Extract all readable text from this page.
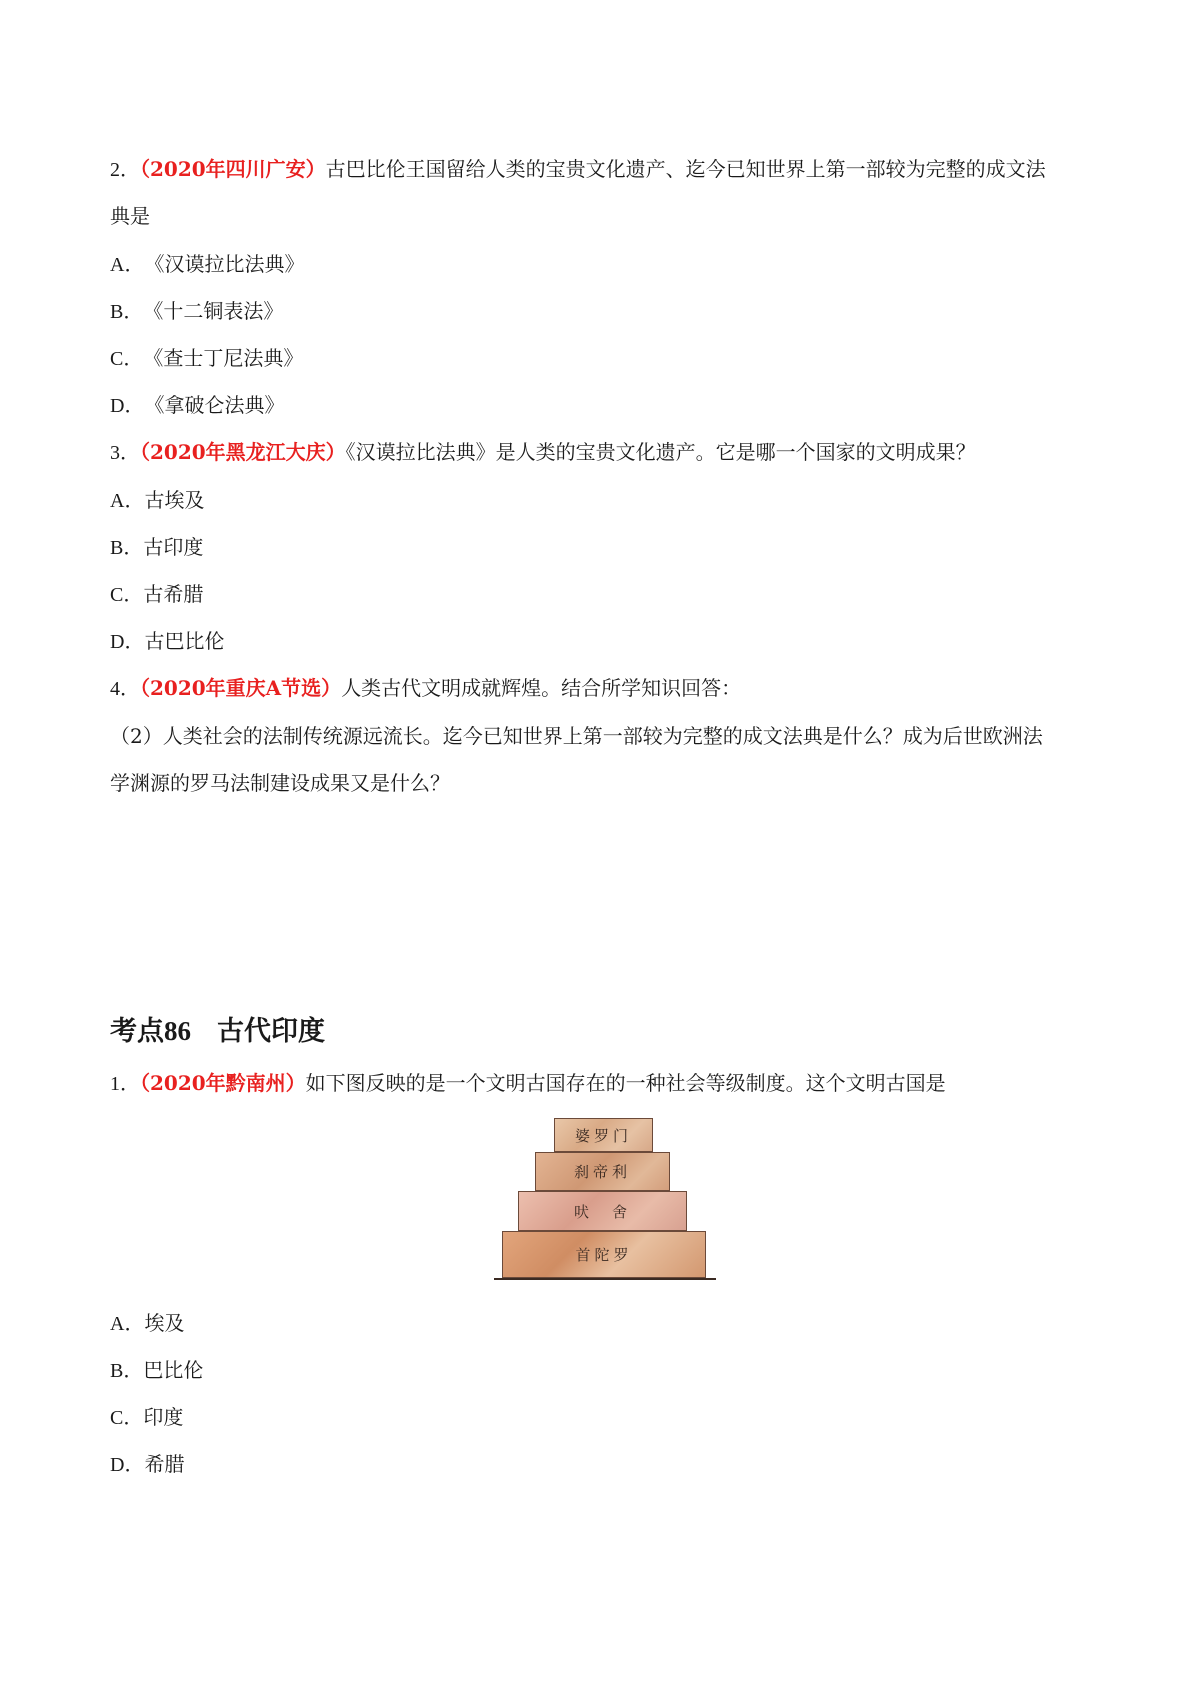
2．（2020年四川广安）古巴比伦王国留给人类的宝贵文化遗产、迄今已知世界上第一部较为完整的成文法
典是
A．《汉谟拉比法典》
B．《十二铜表法》
C．《查士丁尼法典》
D．《拿破仑法典》
3．（2020年黑龙江大庆）《汉谟拉比法典》是人类的宝贵文化遗产。它是哪一个国家的文明成果？
A．古埃及
B．古印度
C．古希腊
D．古巴比伦
4．（2020年重庆A节选）人类古代文明成就辉煌。结合所学知识回答：
（2）人类社会的法制传统源远流长。迄今已知世界上第一部较为完整的成文法典是什么？成为后世欧洲法
学渊源的罗马法制建设成果又是什么？
考点86 古代印度
1．（2020年黔南州）如下图反映的是一个文明古国存在的一种社会等级制度。这个文明古国是
婆罗门
刹帝利
吠　舍
首陀罗
A．埃及
B．巴比伦
C．印度
D．希腊
